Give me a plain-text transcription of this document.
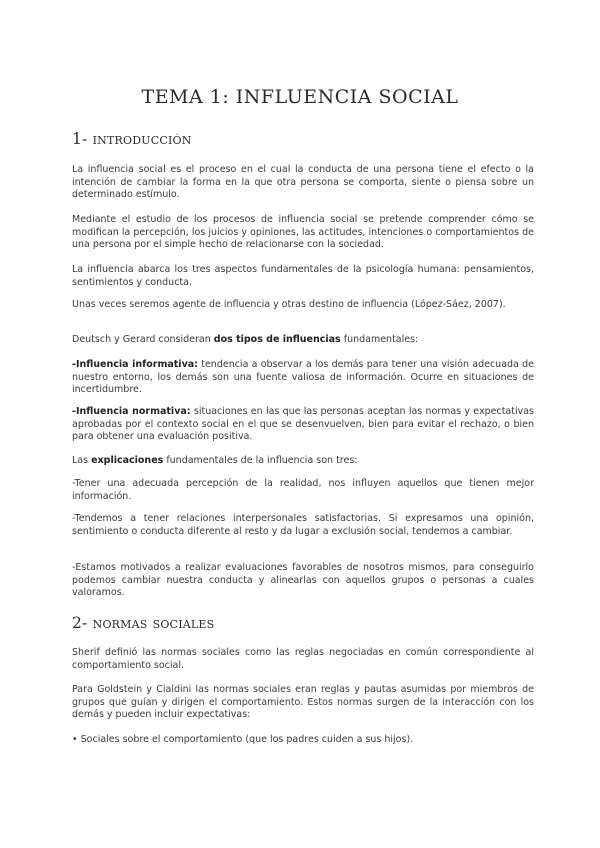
TEMA 1: INFLUENCIA SOCIAL
1- introducción

La influencia social es el proceso en el cual la conducta de una persona tiene el efecto o la intención de cambiar la forma en la que otra persona se comporta, siente o piensa sobre un determinado estímulo.

Mediante el estudio de los procesos de influencia social se pretende comprender cómo se modifican la percepción, los juicios y opiniones, las actitudes, intenciones o comportamientos de una persona por el simple hecho de relacionarse con la sociedad.

La influencia abarca los tres aspectos fundamentales de la psicología humana: pensamientos, sentimientos y conducta.

Unas veces seremos agente de influencia y otras destino de influencia (López-Sáez, 2007).

Deutsch y Gerard consideran dos tipos de influencias fundamentales:

-Influencia informativa: tendencia a observar a los demás para tener una visión adecuada de nuestro entorno, los demás son una fuente valiosa de información. Ocurre en situaciones de incertidumbre.

-Influencia normativa: situaciones en las que las personas aceptan las normas y expectativas aprobadas por el contexto social en el que se desenvuelven, bien para evitar el rechazo, o bien para obtener una evaluación positiva.

Las explicaciones fundamentales de la influencia son tres:

-Tener una adecuada percepción de la realidad, nos influyen aquellos que tienen mejor información.

-Tendemos a tener relaciones interpersonales satisfactorias. Si expresamos una opinión, sentimiento o conducta diferente al resto y da lugar a exclusión social, tendemos a cambiar.

-Estamos motivados a realizar evaluaciones favorables de nosotros mismos, para conseguirlo podemos cambiar nuestra conducta y alinearlas con aquellos grupos o personas a cuales valoramos.

2- normas sociales

Sherif definió las normas sociales como las reglas negociadas en común correspondiente al comportamiento social.

Para Goldstein y Cialdini las normas sociales eran reglas y pautas asumidas por miembros de grupos que guían y dirigen el comportamiento. Estos normas surgen de la interacción con los demás y pueden incluir expectativas:

• Sociales sobre el comportamiento (que los padres cuiden a sus hijos).
